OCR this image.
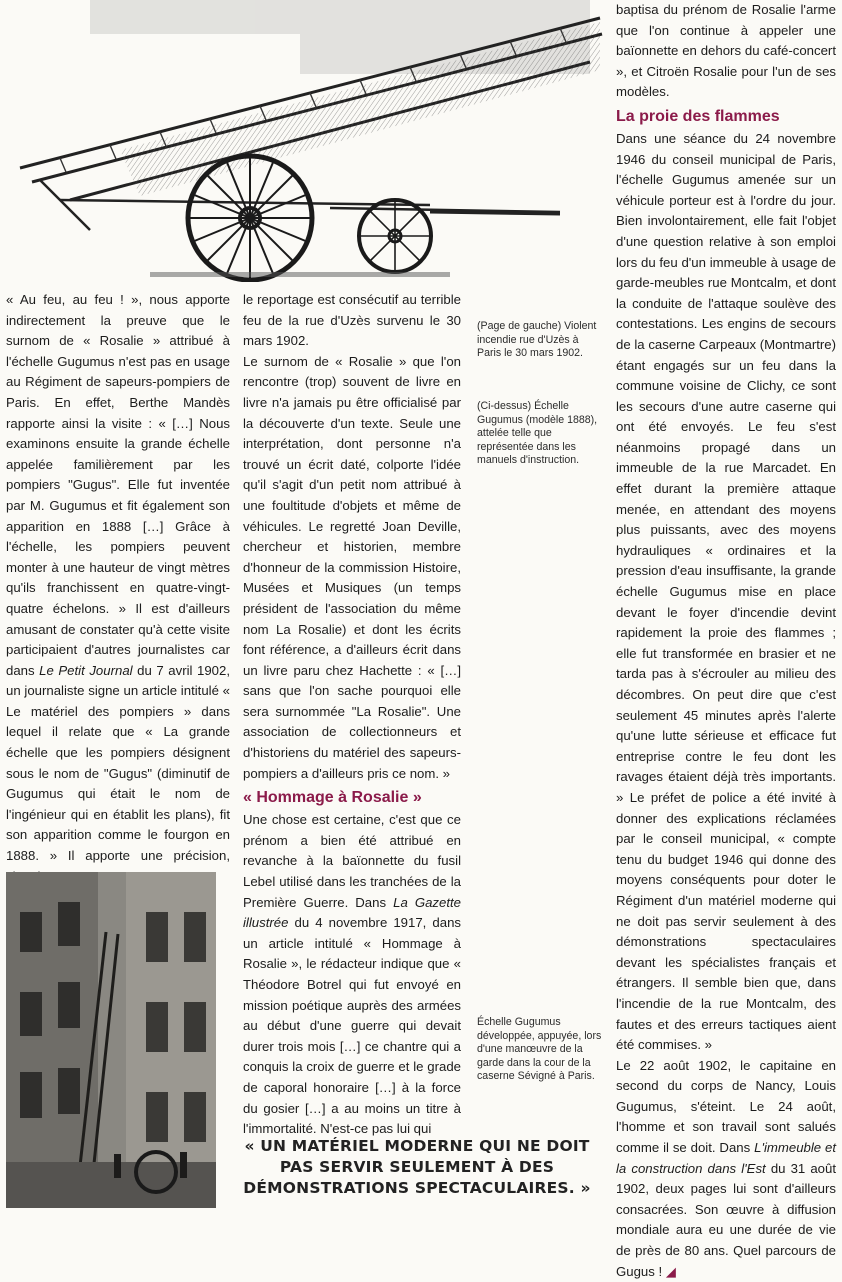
« Au feu, au feu ! », nous apporte indirectement la preuve que le surnom de « Rosalie » attribué à l'échelle Gugumus n'est pas en usage au Régiment de sapeurs-pompiers de Paris. En effet, Berthe Mandès rapporte ainsi la visite : « […] Nous examinons ensuite la grande échelle appelée familièrement par les pompiers "Gugus". Elle fut inventée par M. Gugumus et fit également son apparition en 1888 […] Grâce à l'échelle, les pompiers peuvent monter à une hauteur de vingt mètres qu'ils franchissent en quatre-vingt-quatre échelons. » Il est d'ailleurs amusant de constater qu'à cette visite participaient d'autres journalistes car dans Le Petit Journal du 7 avril 1902, un journaliste signe un article intitulé « Le matériel des pompiers » dans lequel il relate que « La grande échelle que les pompiers désignent sous le nom de "Gugus" (diminutif de Gugumus qui était le nom de l'ingénieur qui en établit les plans), fit son apparition comme le fourgon en 1888. » Il apporte une précision,

le reportage est consécutif au terrible feu de la rue d'Uzès survenu le 30 mars 1902.

Le surnom de « Rosalie » que l'on rencontre (trop) souvent de livre en livre n'a jamais pu être officialisé par la découverte d'un texte. Seule une interprétation, dont personne n'a trouvé un écrit daté, colporte l'idée qu'il s'agit d'un petit nom attribué à une foultitude d'objets et même de véhicules. Le regretté Joan Deville, chercheur et historien, membre d'honneur de la commission Histoire, Musées et Musiques (un temps président de l'association du même nom La Rosalie) et dont les écrits font référence, a d'ailleurs écrit dans un livre paru chez Hachette : « […] sans que l'on sache pourquoi elle sera surnommée "La Rosalie". Une association de collectionneurs et d'historiens du matériel des sapeurs-pompiers a d'ailleurs pris ce nom. »

« Hommage à Rosalie »

Une chose est certaine, c'est que ce prénom a bien été attribué en revanche à la baïonnette du fusil Lebel utilisé dans les tranchées de la Première Guerre. Dans La Gazette illustrée du 4 novembre 1917, dans un article intitulé « Hommage à Rosalie », le rédacteur indique que « Théodore Botrel qui fut envoyé en mission poétique auprès des armées au début d'une guerre qui devait durer trois mois […] ce chantre qui a conquis la croix de guerre et le grade de caporal honoraire […] à la force du gosier […] a au moins un titre à l'immortalité. N'est-ce pas lui qui

baptisa du prénom de Rosalie l'arme que l'on continue à appeler une baïonnette en dehors du café-concert », et Citroën Rosalie pour l'un de ses modèles.

La proie des flammes

Dans une séance du 24 novembre 1946 du conseil municipal de Paris, l'échelle Gugumus amenée sur un véhicule porteur est à l'ordre du jour. Bien involontairement, elle fait l'objet d'une question relative à son emploi lors du feu d'un immeuble à usage de garde-meubles rue Montcalm, et dont la conduite de l'attaque soulève des contestations. Les engins de secours de la caserne Carpeaux (Montmartre) étant engagés sur un feu dans la commune voisine de Clichy, ce sont les secours d'une autre caserne qui ont été envoyés. Le feu s'est néanmoins propagé dans un immeuble de la rue Marcadet. En effet durant la première attaque menée, en attendant des moyens plus puissants, avec des moyens hydrauliques « ordinaires et la pression d'eau insuffisante, la grande échelle Gugumus mise en place devant le foyer d'incendie devint rapidement la proie des flammes ; elle fut transformée en brasier et ne tarda pas à s'écrouler au milieu des décombres. On peut dire que c'est seulement 45 minutes après l'alerte qu'une lutte sérieuse et efficace fut entreprise contre le feu dont les ravages étaient déjà très importants. » Le préfet de police a été invité à donner des explications réclamées par le conseil municipal, « compte tenu du budget 1946 qui donne des moyens conséquents pour doter le Régiment d'un matériel moderne qui ne doit pas servir seulement à des démonstrations spectaculaires devant les spécialistes français et étrangers. Il semble bien que, dans l'incendie de la rue Montcalm, des fautes et des erreurs tactiques aient été commises. »

Le 22 août 1902, le capitaine en second du corps de Nancy, Louis Gugumus, s'éteint. Le 24 août, l'homme et son travail sont salués comme il se doit. Dans L'immeuble et la construction dans l'Est du 31 août 1902, deux pages lui sont d'ailleurs consacrées. Son œuvre à diffusion mondiale aura eu une durée de vie de près de 80 ans. Quel parcours de Gugus ! ◢

(Page de gauche) Violent incendie rue d'Uzès à Paris le 30 mars 1902.
(Ci-dessus) Échelle Gugumus (modèle 1888), attelée telle que représentée dans les manuels d'instruction.
Échelle Gugumus développée, appuyée, lors d'une manœuvre de la garde dans la cour de la caserne Sévigné à Paris.
« UN MATÉRIEL MODERNE QUI NE DOIT PAS SERVIR SEULEMENT À DES DÉMONSTRATIONS SPECTACULAIRES. »
